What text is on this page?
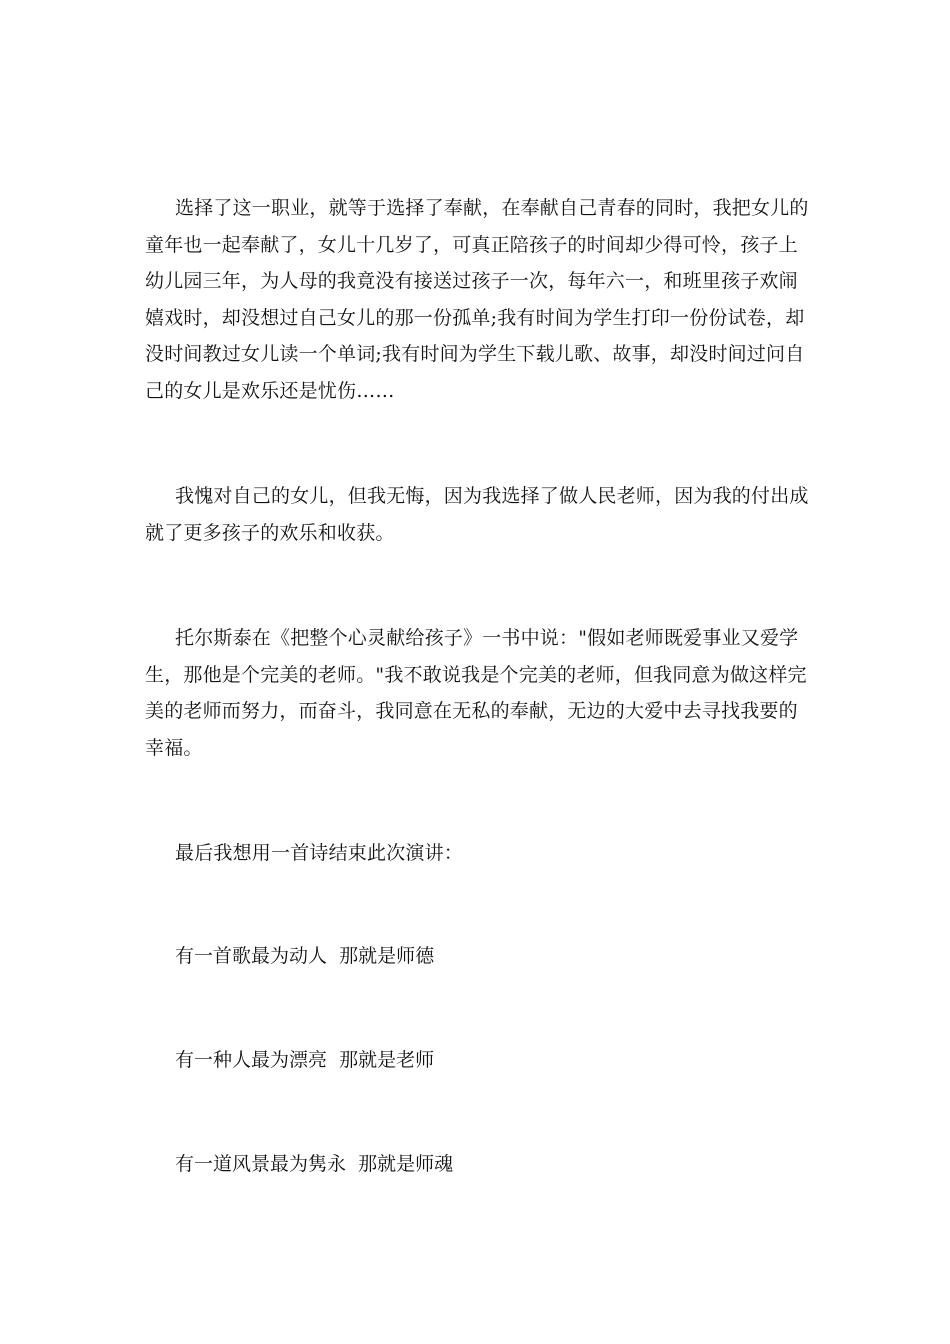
选择了这一职业，就等于选择了奉献，在奉献自己青春的同时，我把女儿的童年也一起奉献了，女儿十几岁了，可真正陪孩子的时间却少得可怜，孩子上幼儿园三年，为人母的我竟没有接送过孩子一次，每年六一，和班里孩子欢闹嬉戏时，却没想过自己女儿的那一份孤单;我有时间为学生打印一份份试卷，却没时间教过女儿读一个单词;我有时间为学生下载儿歌、故事，却没时间过问自己的女儿是欢乐还是忧伤……

我愧对自己的女儿，但我无悔，因为我选择了做人民老师，因为我的付出成就了更多孩子的欢乐和收获。

托尔斯泰在《把整个心灵献给孩子》一书中说："假如老师既爱事业又爱学生，那他是个完美的老师。"我不敢说我是个完美的老师，但我同意为做这样完美的老师而努力，而奋斗，我同意在无私的奉献，无边的大爱中去寻找我要的幸福。

最后我想用一首诗结束此次演讲：

有一首歌最为动人  那就是师德

有一种人最为漂亮  那就是老师

有一道风景最为隽永  那就是师魂
